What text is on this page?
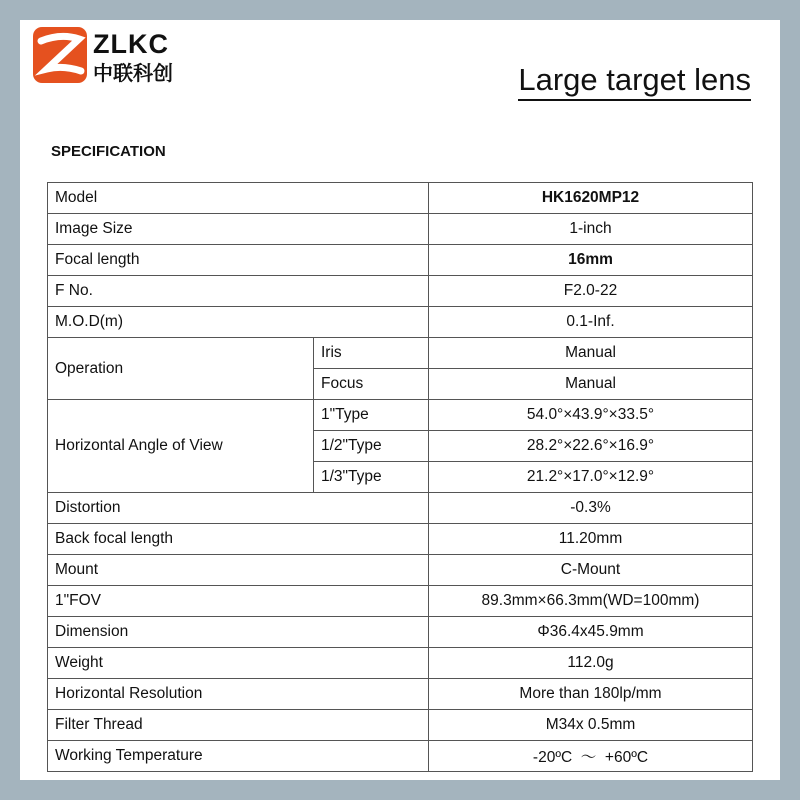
ZLKC
中联科创	Large target lens
SPECIFICATION
Model		HK1620MP12
Image Size		1-inch
Focal length		16mm
F No.		F2.0-22
M.O.D(m)		0.1-Inf.
Operation	Iris	Manual
	Focus	Manual
Horizontal Angle of View	1"Type	54.0°×43.9°×33.5°
	1/2"Type	28.2°×22.6°×16.9°
	1/3"Type	21.2°×17.0°×12.9°
Distortion		-0.3%
Back focal length		11.20mm
Mount		C-Mount
1"FOV		89.3mm×66.3mm(WD=100mm)
Dimension		Φ36.4x45.9mm
Weight		112.0g
Horizontal Resolution		More than 180lp/mm
Filter Thread		M34x 0.5mm
Working Temperature		-20ºC  ～  +60ºC
